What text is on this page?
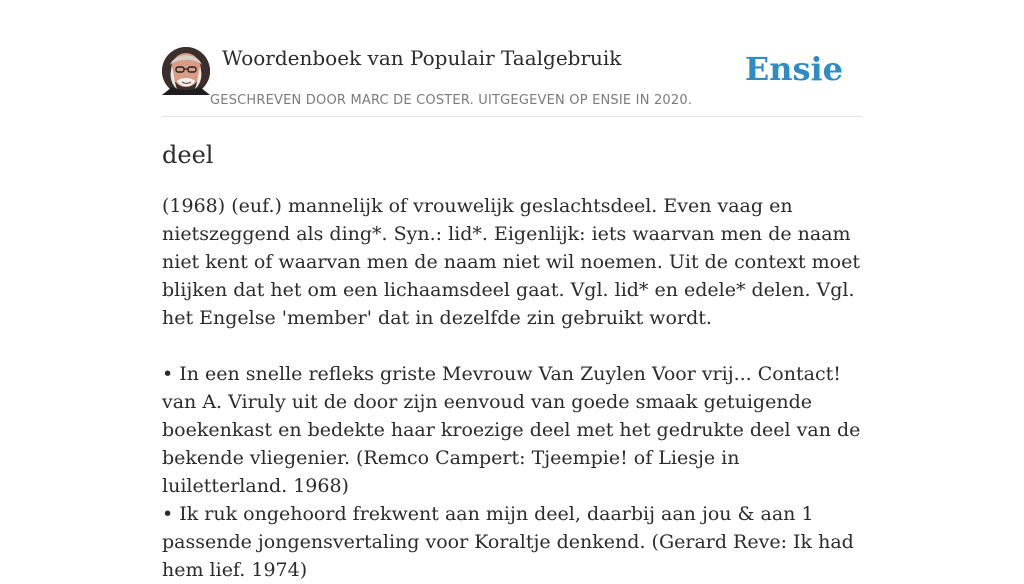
Woordenboek van Populair Taalgebruik
GESCHREVEN DOOR MARC DE COSTER. UITGEGEVEN OP ENSIE IN 2020.
Ensie
deel

(1968) (euf.) mannelijk of vrouwelijk geslachtsdeel. Even vaag en nietszeggend als ding*. Syn.: lid*. Eigenlijk: iets waarvan men de naam niet kent of waarvan men de naam niet wil noemen. Uit de context moet blijken dat het om een lichaamsdeel gaat. Vgl. lid* en edele* delen. Vgl. het Engelse 'member' dat in dezelfde zin gebruikt wordt.

• In een snelle refleks griste Mevrouw Van Zuylen Voor vrij... Contact! van A. Viruly uit de door zijn eenvoud van goede smaak getuigende boekenkast en bedekte haar kroezige deel met het gedrukte deel van de bekende vliegenier. (Remco Campert: Tjeempie! of Liesje in luiletterland. 1968)

• Ik ruk ongehoord frekwent aan mijn deel, daarbij aan jou & aan 1 passende jongensvertaling voor Koraltje denkend. (Gerard Reve: Ik had hem lief. 1974)
